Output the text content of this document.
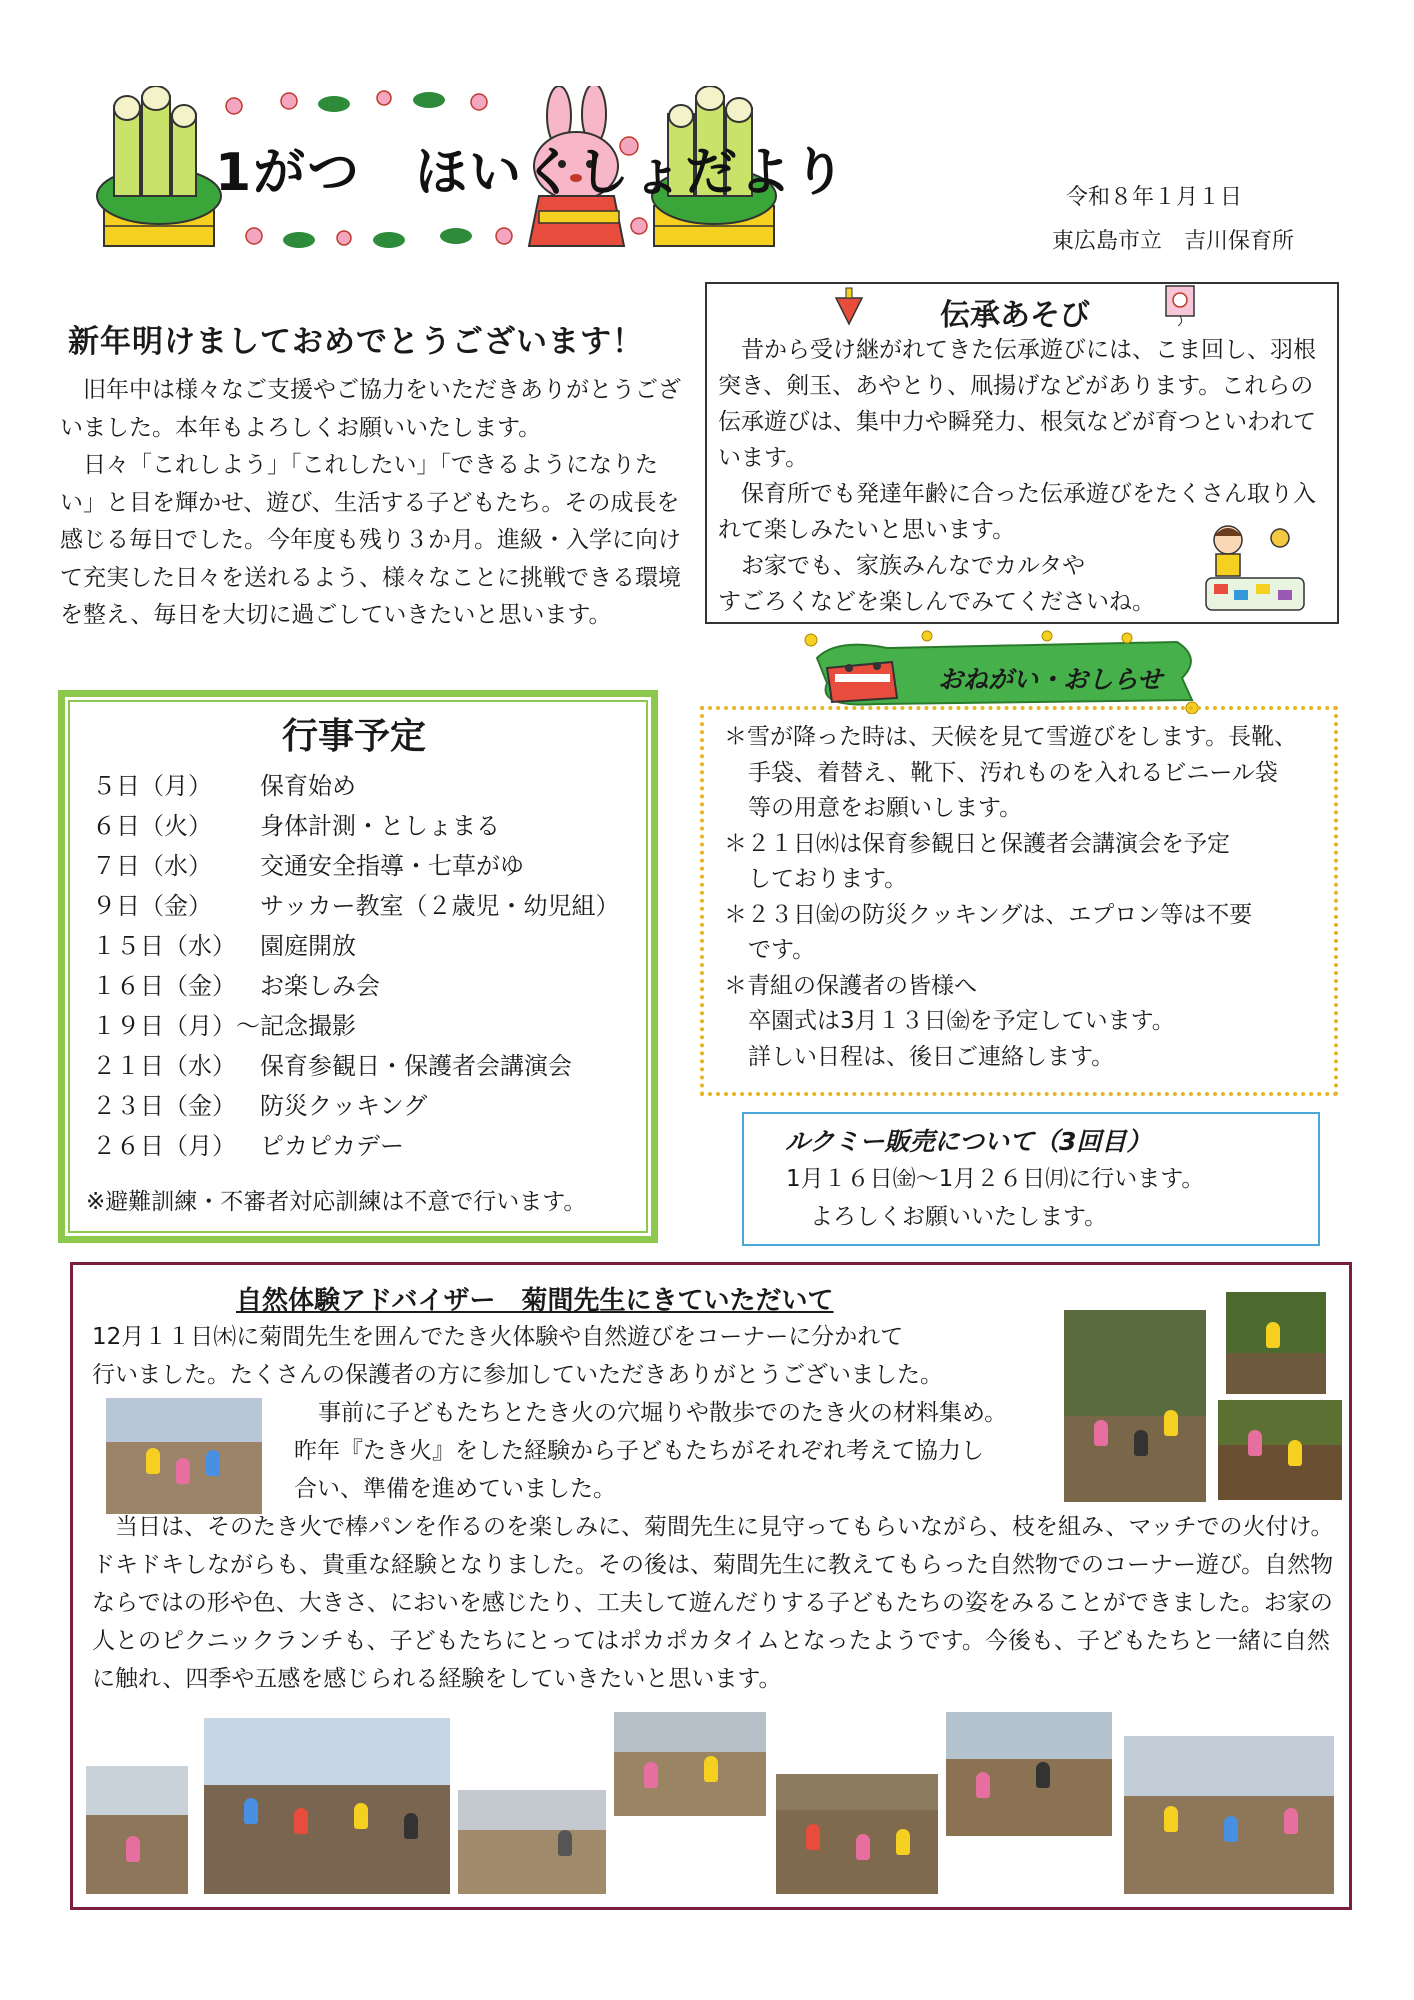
1がつ　ほいくしょだより	令和８年１月１日
東広島市立　吉川保育所
新年明けましておめでとうございます！

旧年中は様々なご支援やご協力をいただきありがとうございました。本年もよろしくお願いいたします。

日々「これしよう」「これしたい」「できるようになりたい」と目を輝かせ、遊び、生活する子どもたち。その成長を感じる毎日でした。今年度も残り３か月。進級・入学に向けて充実した日々を送れるよう、様々なことに挑戦できる環境を整え、毎日を大切に過ごしていきたいと思います。

伝承あそび

昔から受け継がれてきた伝承遊びには、こま回し、羽根突き、剣玉、あやとり、凧揚げなどがあります。これらの伝承遊びは、集中力や瞬発力、根気などが育つといわれています。

保育所でも発達年齢に合った伝承遊びをたくさん取り入れて楽しみたいと思います。

お家でも、家族みんなでカルタや

すごろくなどを楽しんでみてくださいね。

行事予定
５日（月） 保育始め
６日（火） 身体計測・としょまる
７日（水） 交通安全指導・七草がゆ
９日（金） サッカー教室（２歳児・幼児組）
１５日（水） 園庭開放
１６日（金） お楽しみ会
１９日（月）～記念撮影
２１日（水） 保育参観日・保護者会講演会
２３日（金） 防災クッキング
２６日（月） ピカピカデー
※避難訓練・不審者対応訓練は不意で行います。
おねがい・おしらせ

＊雪が降った時は、天候を見て雪遊びをします。長靴、

手袋、着替え、靴下、汚れものを入れるビニール袋

等の用意をお願いします。

＊２１日㈬は保育参観日と保護者会講演会を予定

しております。

＊２３日㈮の防災クッキングは、エプロン等は不要

です。

＊青組の保護者の皆様へ

卒園式は3月１３日㈮を予定しています。

詳しい日程は、後日ご連絡します。

ルクミー販売について（3回目）

1月１６日㈮～1月２６日㈪に行います。

よろしくお願いいたします。

自然体験アドバイザー　菊間先生にきていただいて
12月１１日㈭に菊間先生を囲んでたき火体験や自然遊びをコーナーに分かれて
行いました。たくさんの保護者の方に参加していただきありがとうございました。
事前に子どもたちとたき火の穴堀りや散歩でのたき火の材料集め。
昨年『たき火』をした経験から子どもたちがそれぞれ考えて協力し
合い、準備を進めていました。
当日は、そのたき火で棒パンを作るのを楽しみに、菊間先生に見守ってもらいながら、枝を組み、マッチでの火付け。ドキドキしながらも、貴重な経験となりました。その後は、菊間先生に教えてもらった自然物でのコーナー遊び。自然物ならではの形や色、大きさ、においを感じたり、工夫して遊んだりする子どもたちの姿をみることができました。お家の人とのピクニックランチも、子どもたちにとってはポカポカタイムとなったようです。今後も、子どもたちと一緒に自然に触れ、四季や五感を感じられる経験をしていきたいと思います。
